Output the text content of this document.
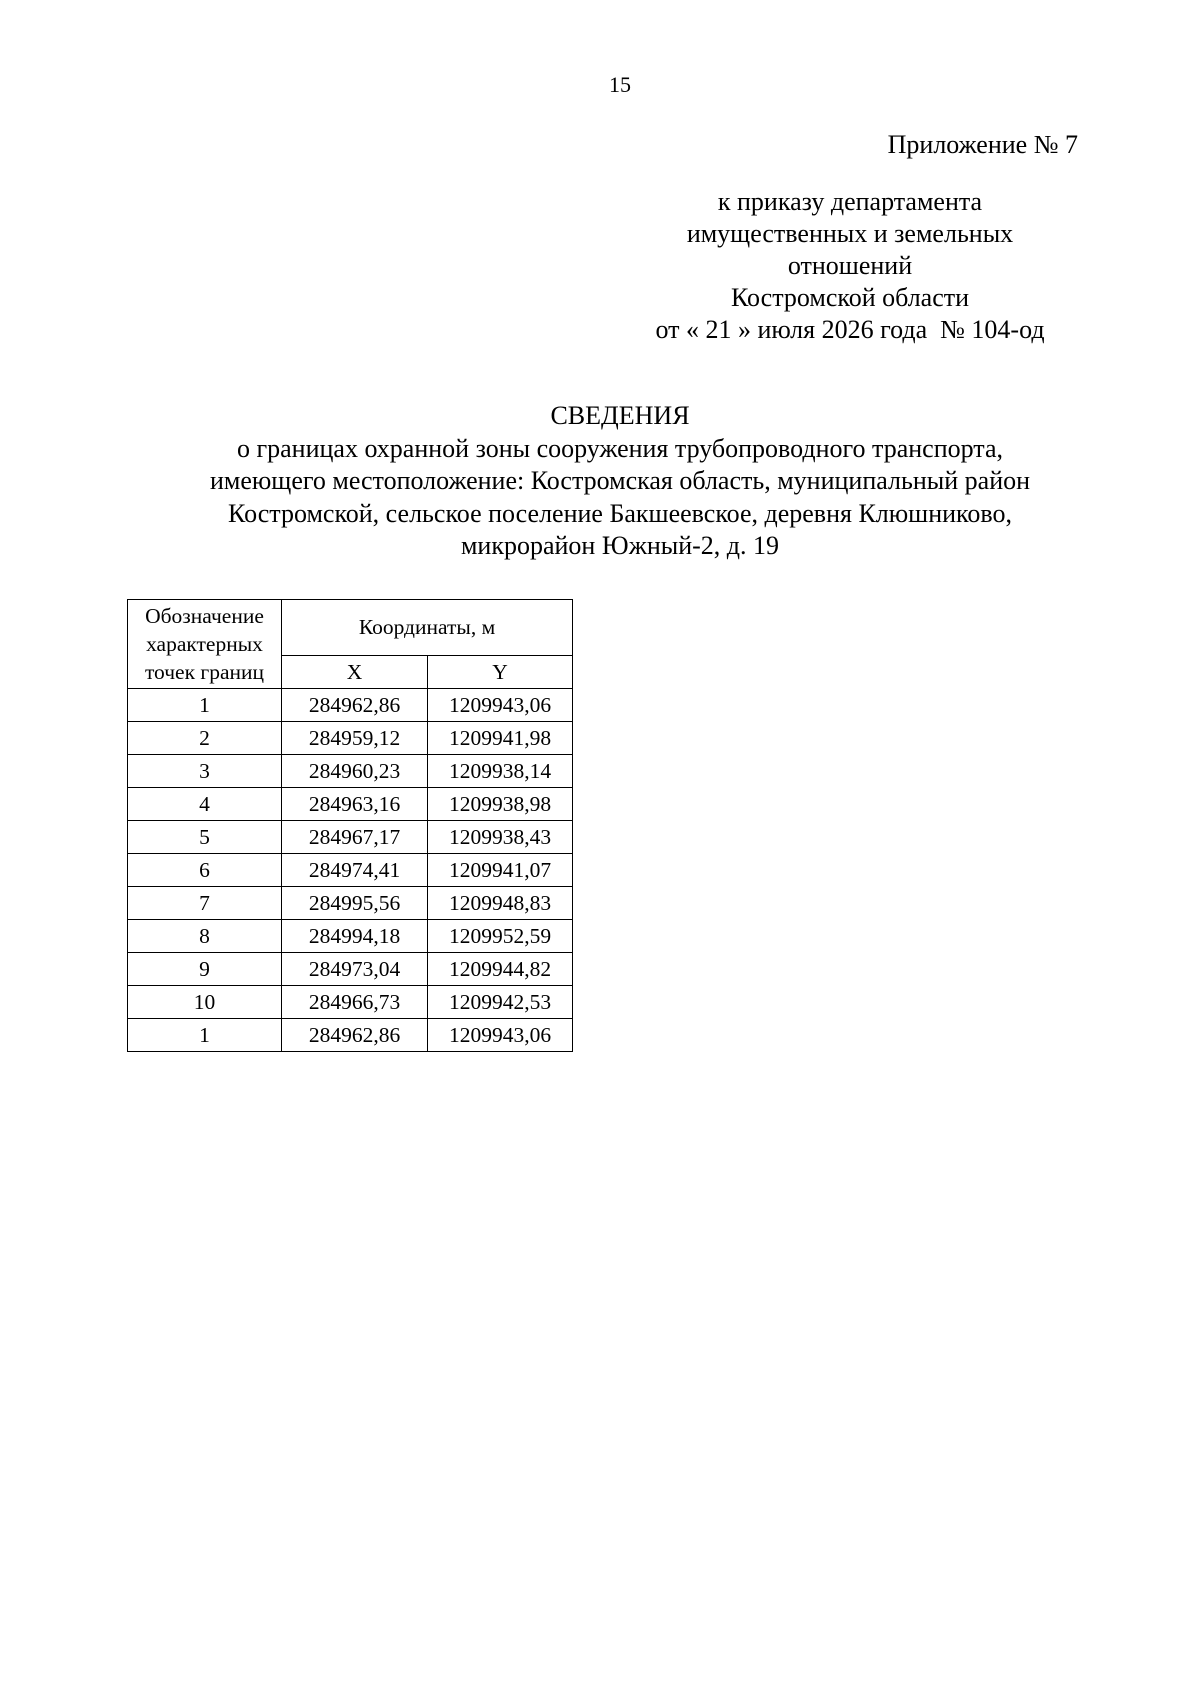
15
Приложение № 7
к приказу департамента
имущественных и земельных
отношений
Костромской области
от « 21 » июля 2026 года  № 104-од
СВЕДЕНИЯ
о границах охранной зоны сооружения трубопроводного транспорта,
имеющего местоположение: Костромская область, муниципальный район
Костромской, сельское поселение Бакшеевское, деревня Клюшниково,
микрорайон Южный-2, д. 19
Обозначение
характерных
точек границ	Координаты, м	
	X	Y
1	284962,86	1209943,06
2	284959,12	1209941,98
3	284960,23	1209938,14
4	284963,16	1209938,98
5	284967,17	1209938,43
6	284974,41	1209941,07
7	284995,56	1209948,83
8	284994,18	1209952,59
9	284973,04	1209944,82
10	284966,73	1209942,53
1	284962,86	1209943,06
